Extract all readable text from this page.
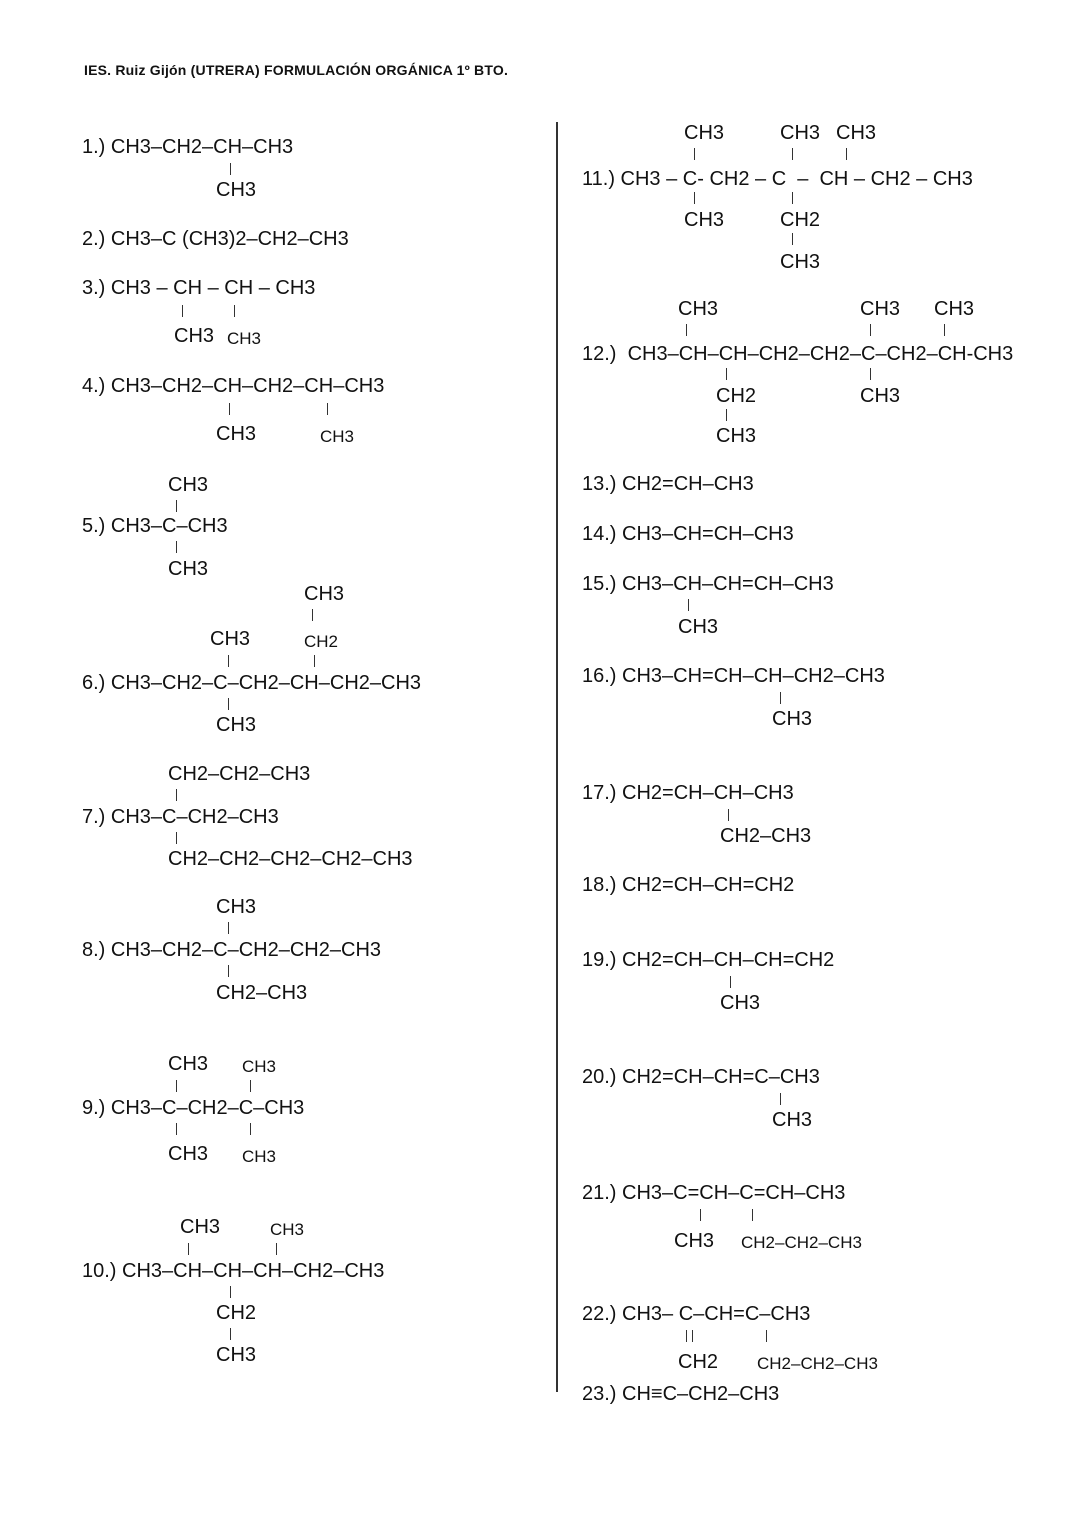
IES. Ruiz Gijón (UTRERA) FORMULACIÓN ORGÁNICA 1º BTO.
1.) CH3–CH2–CH–CH3
CH3
2.) CH3–C (CH3)2–CH2–CH3
3.) CH3 – CH – CH – CH3
CH3 CH3
4.) CH3–CH2–CH–CH2–CH–CH3
CH3	CH3
CH3
5.) CH3–C–CH3
CH3
CH3
CH3	CH2
6.) CH3–CH2–C–CH2–CH–CH2–CH3
CH3
CH2–CH2–CH3
7.) CH3–C–CH2–CH3
CH2–CH2–CH2–CH2–CH3
CH3
8.) CH3–CH2–C–CH2–CH2–CH3
CH2–CH3
CH3 CH3
9.) CH3–C–CH2–C–CH3
CH3 CH3
CH3	CH3
10.) CH3–CH–CH–CH–CH2–CH3
CH2
CH3
CH3	CH3 CH3
11.) CH3 – C- CH2 – C  –  CH – CH2 – CH3
CH3	CH2
CH3
CH3	CH3 CH3
12.)  CH3–CH–CH–CH2–CH2–C–CH2–CH-CH3
CH2	CH3
CH3
13.) CH2=CH–CH3
14.) CH3–CH=CH–CH3
15.) CH3–CH–CH=CH–CH3
CH3
16.) CH3–CH=CH–CH–CH2–CH3
CH3
17.) CH2=CH–CH–CH3
CH2–CH3
18.) CH2=CH–CH=CH2
19.) CH2=CH–CH–CH=CH2
CH3
20.) CH2=CH–CH=C–CH3
CH3
21.) CH3–C=CH–C=CH–CH3
CH3 CH2–CH2–CH3
22.) CH3– C–CH=C–CH3
CH2 CH2–CH2–CH3
23.) CH≡C–CH2–CH3
